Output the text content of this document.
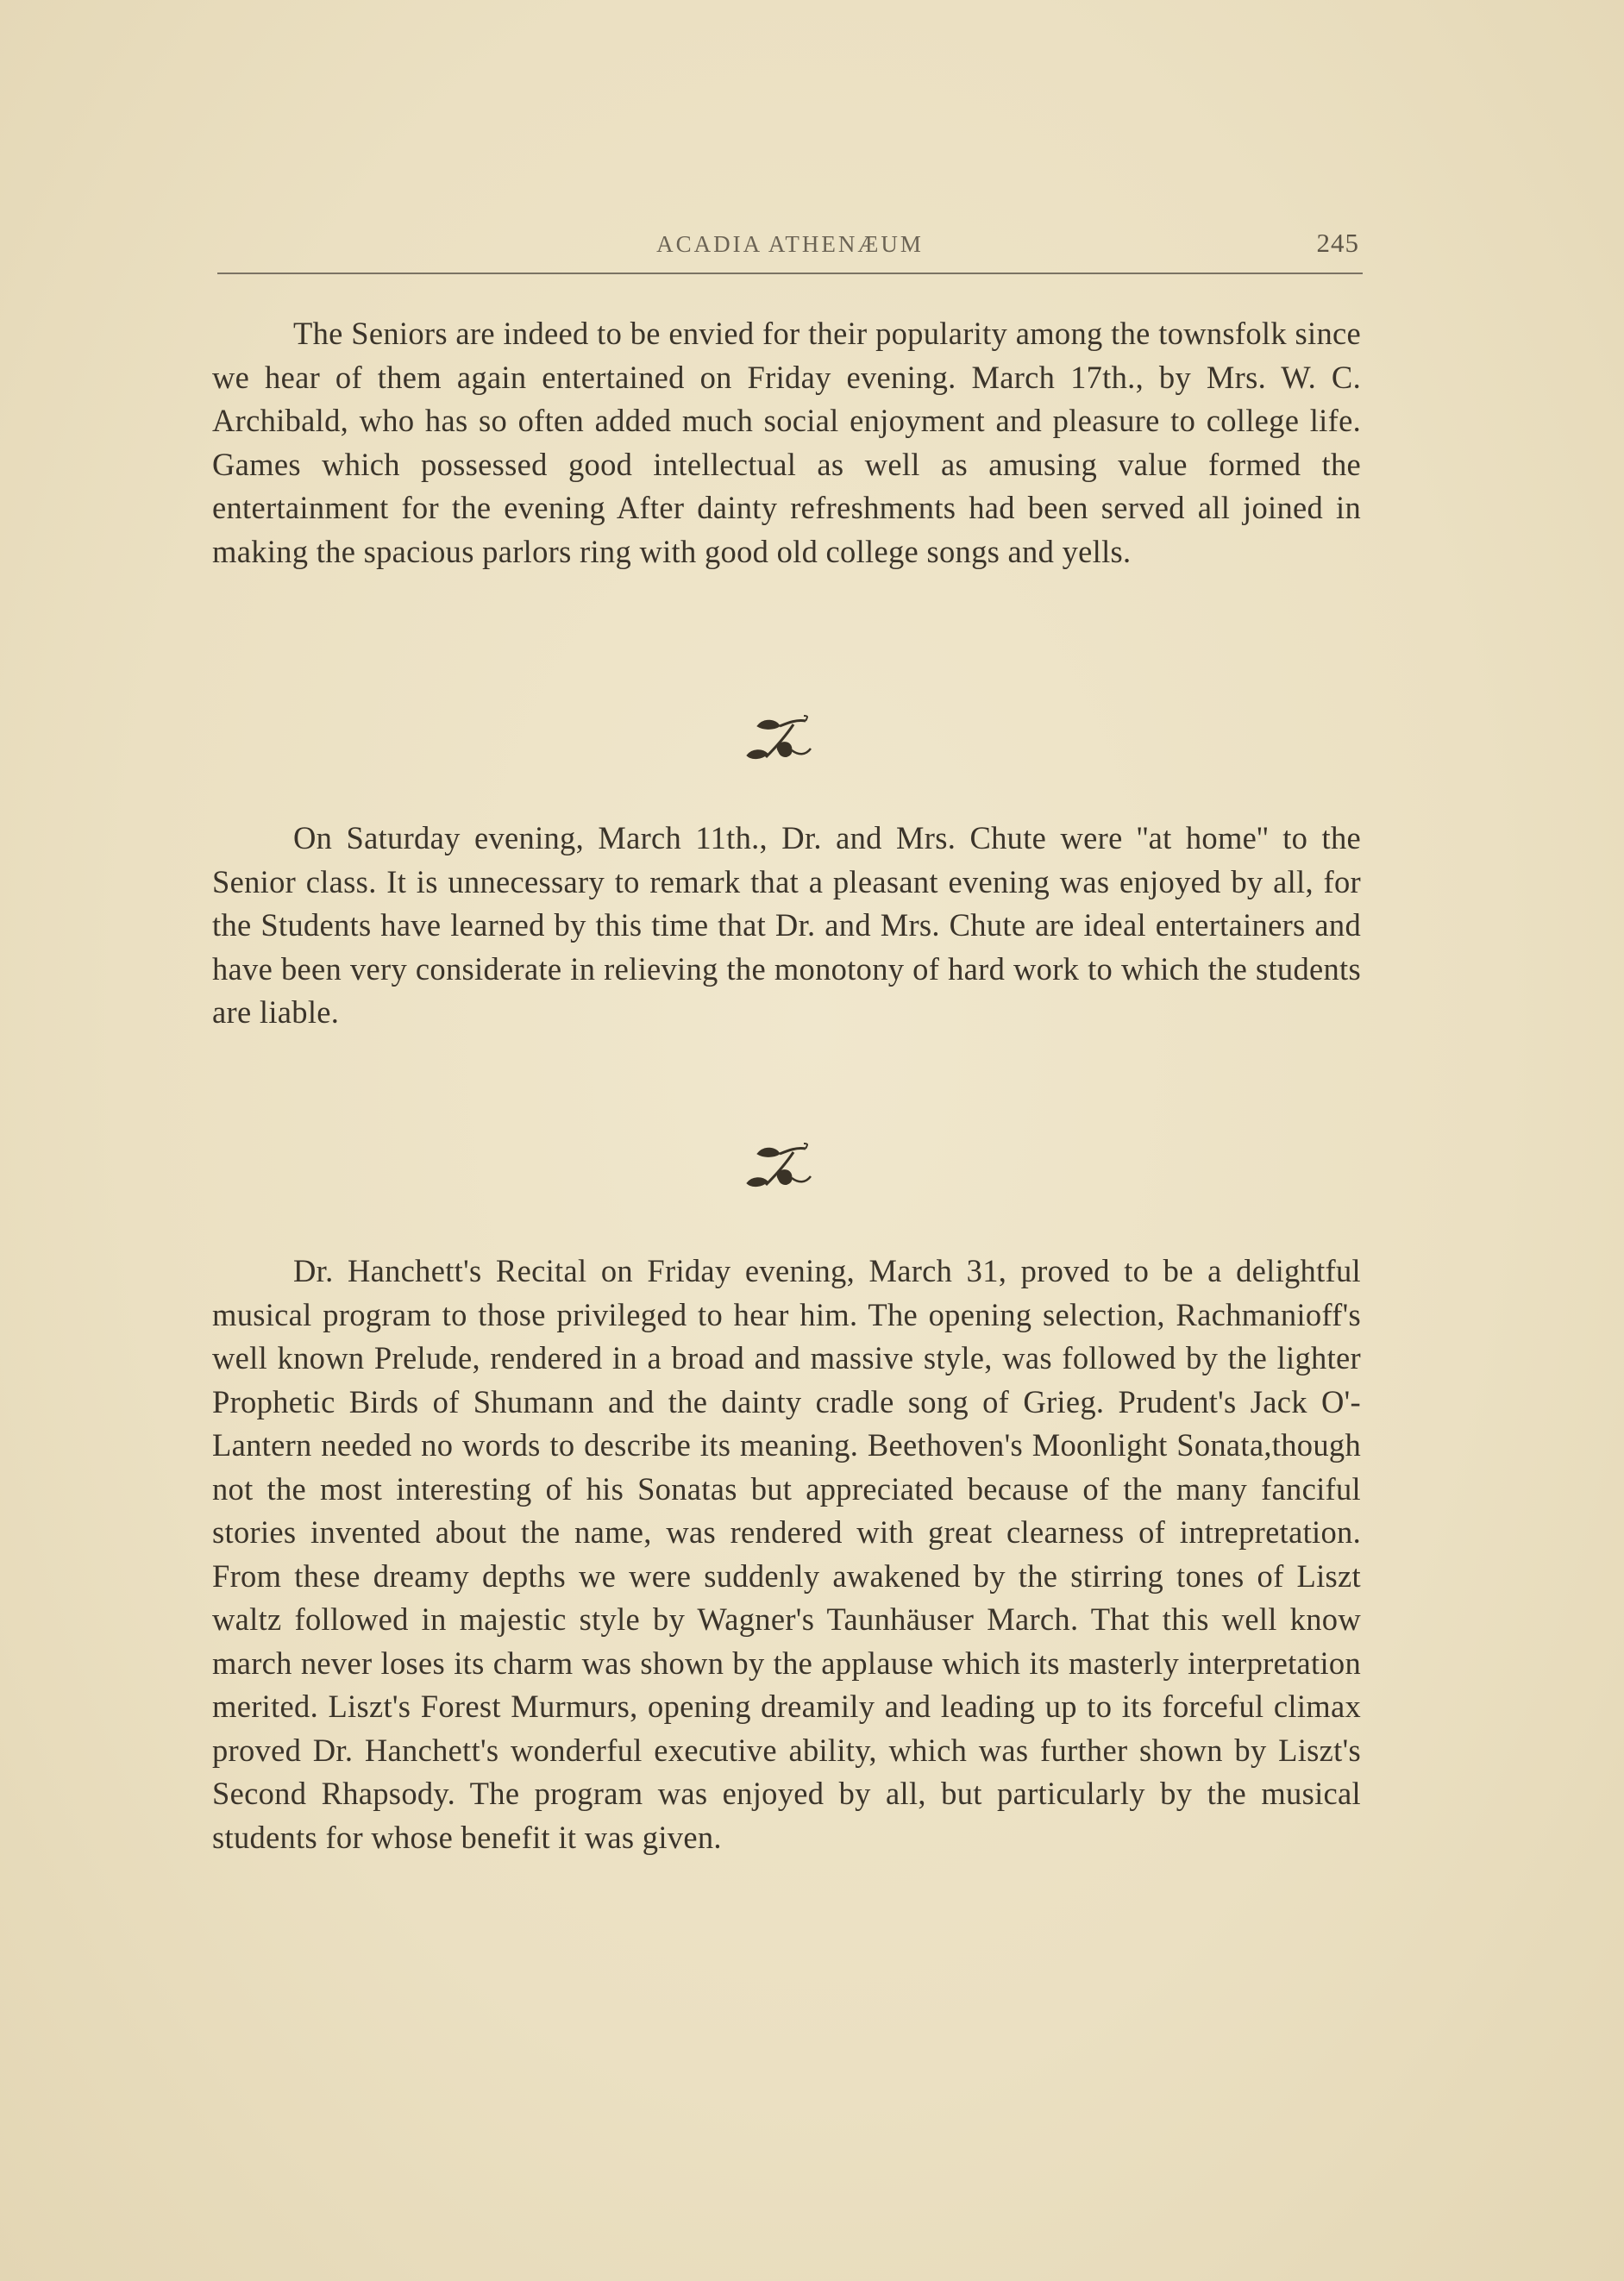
ACADIA ATHENÆUM	245

The Seniors are indeed to be envied for their popularity among the townsfolk since we hear of them again entertained on Friday evening. March 17th., by Mrs. W. C. Archibald, who has so often added much social enjoyment and pleasure to college life. Games which possessed good intellectual as well as amusing value formed the entertainment for the evening After dainty refreshments had been served all joined in making the spacious parlors ring with good old college songs and yells.

On Saturday evening, March 11th., Dr. and Mrs. Chute were ''at home'' to the Senior class. It is unnecessary to remark that a pleasant evening was enjoyed by all, for the Students have learned by this time that Dr. and Mrs. Chute are ideal entertainers and have been very considerate in relieving the monotony of hard work to which the students are liable.

Dr. Hanchett's Recital on Friday evening, March 31, proved to be a delightful musical program to those privileged to hear him. The opening selection, Rachmanioff's well known Prelude, rendered in a broad and massive style, was followed by the lighter Prophetic Birds of Shumann and the dainty cradle song of Grieg. Prudent's Jack O'-Lantern needed no words to describe its meaning. Beethoven's Moonlight Sonata,though not the most interesting of his Sonatas but appreciated because of the many fanciful stories invented about the name, was rendered with great clearness of intrepretation. From these dreamy depths we were suddenly awakened by the stirring tones of Liszt waltz followed in majestic style by Wagner's Taunhäuser March. That this well know march never loses its charm was shown by the applause which its masterly interpretation merited. Liszt's Forest Murmurs, opening dreamily and leading up to its forceful climax proved Dr. Hanchett's wonderful executive ability, which was further shown by Liszt's Second Rhapsody. The program was enjoyed by all, but particularly by the musical students for whose benefit it was given.
